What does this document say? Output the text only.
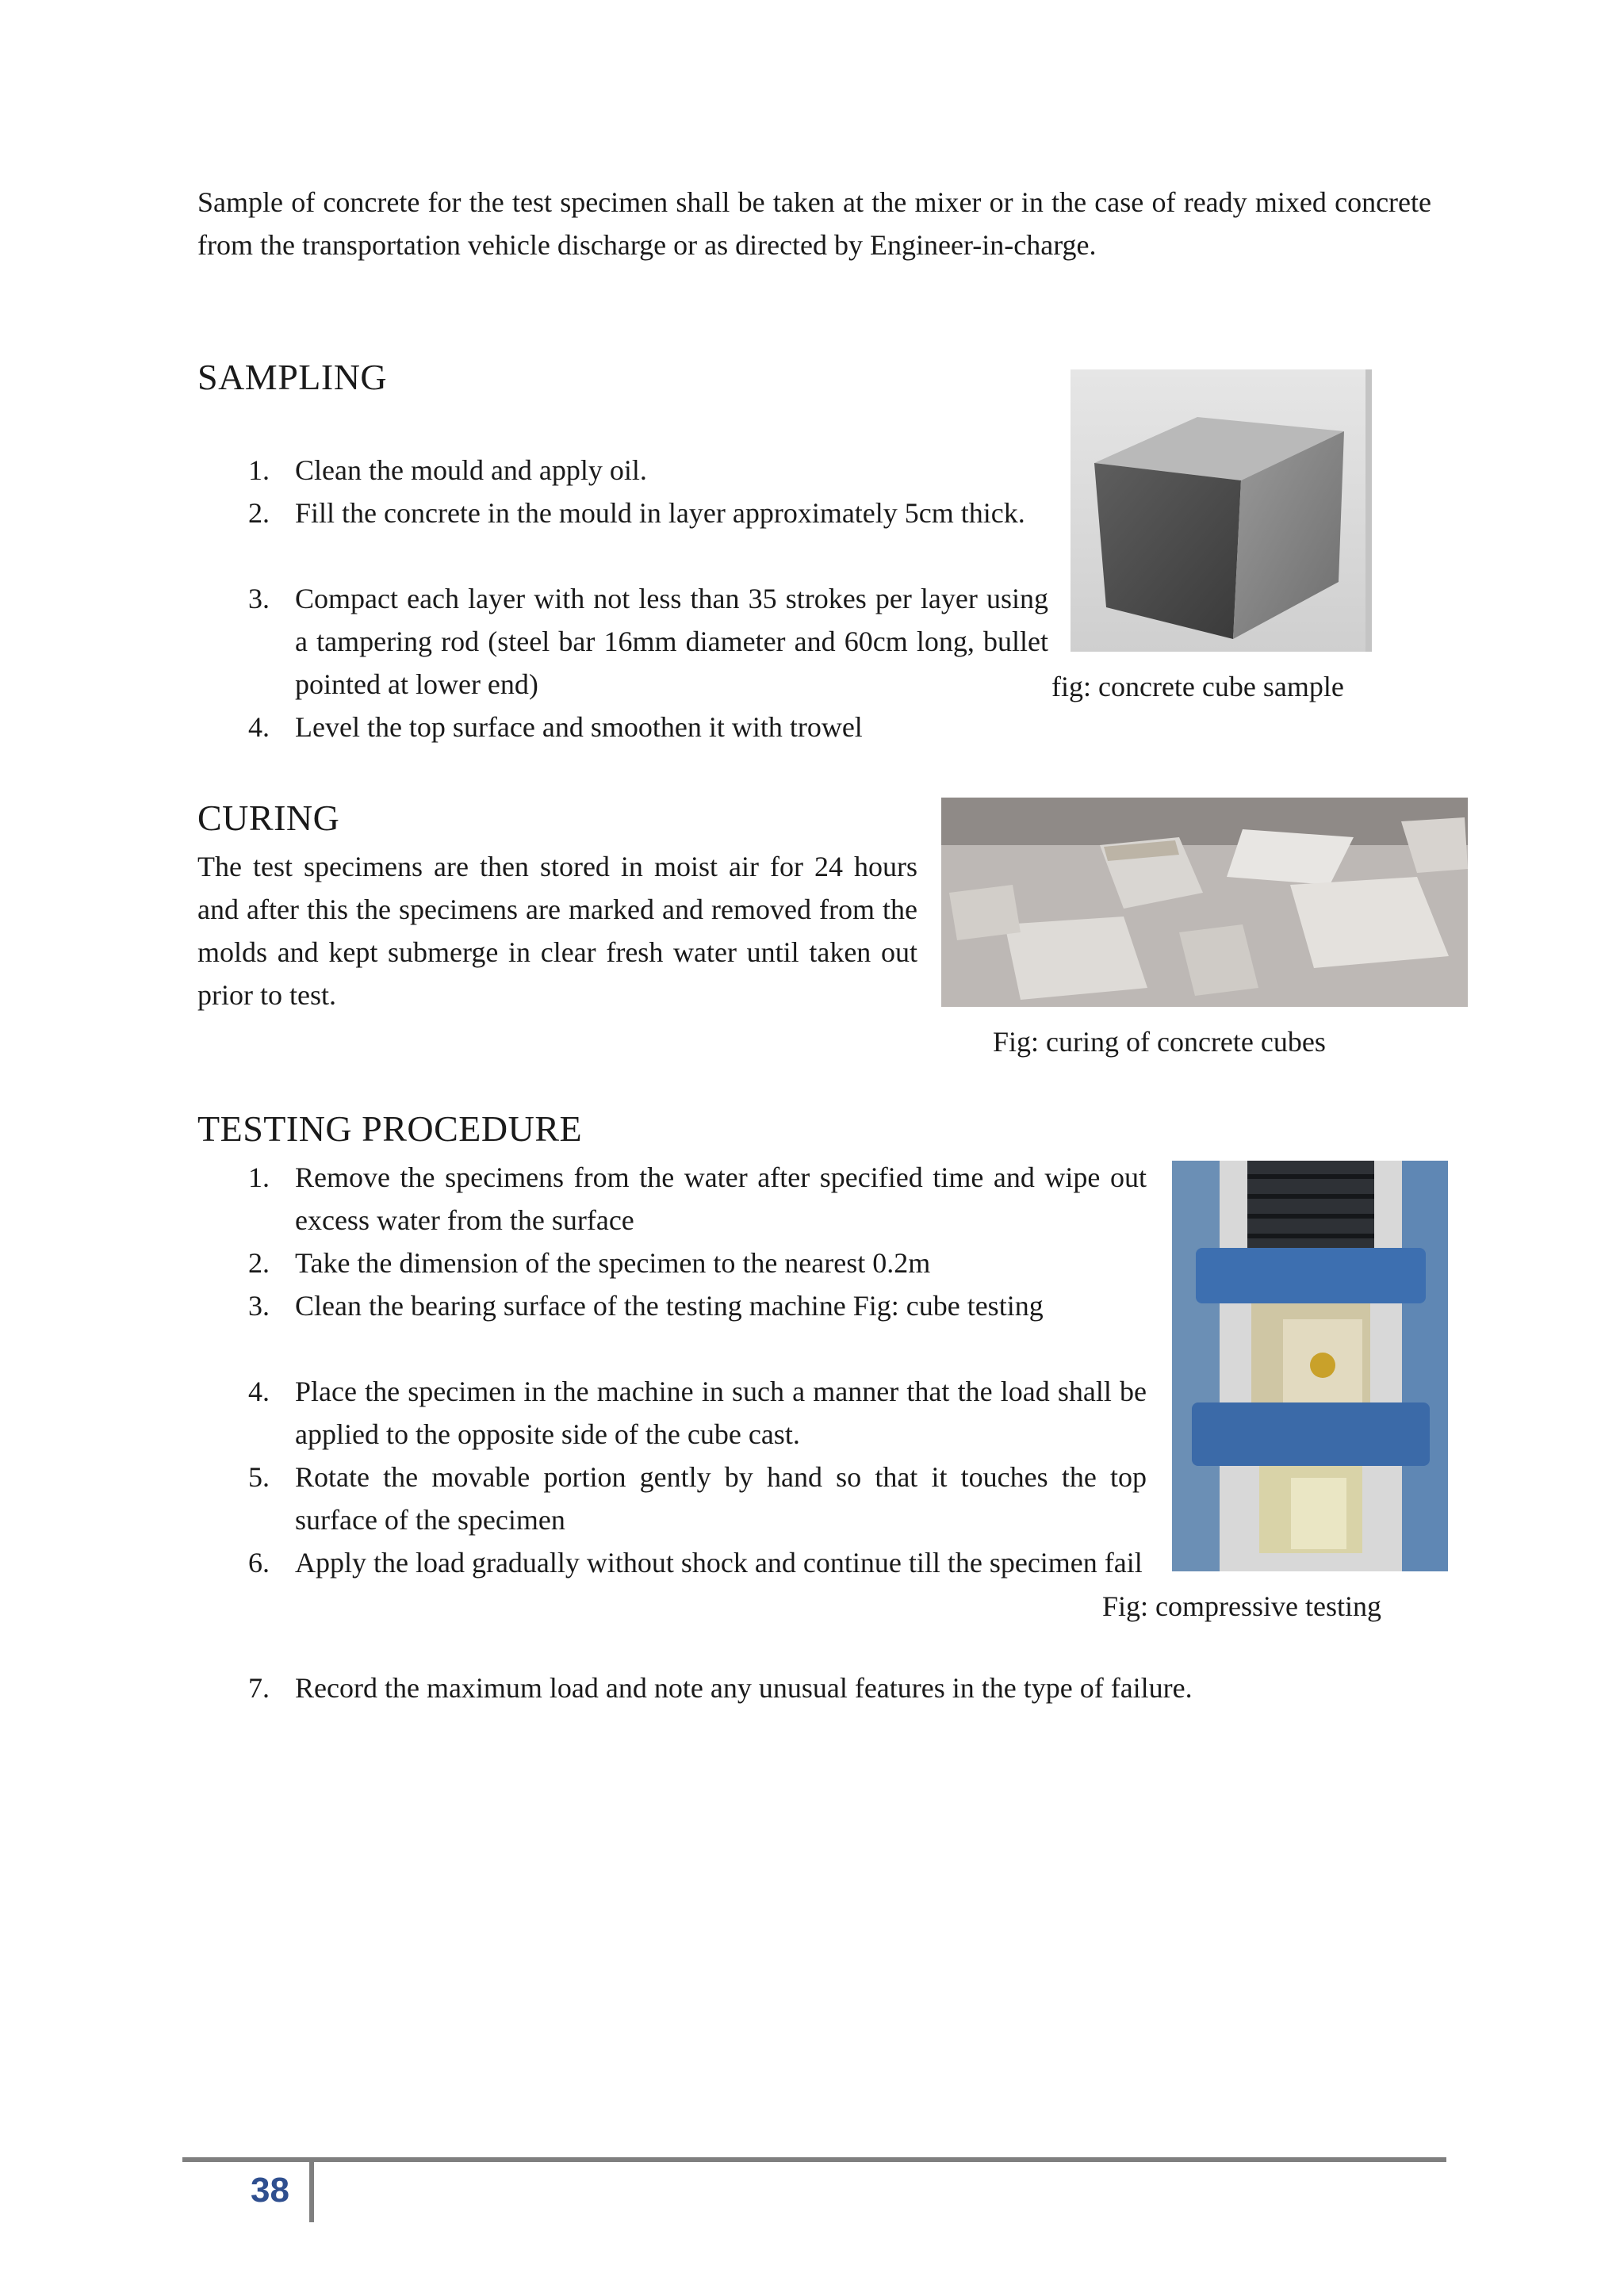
Sample of concrete for the test specimen shall be taken at the mixer or in the case of ready mixed concrete from the transportation vehicle discharge or as directed by Engineer-in-charge.
SAMPLING
1. Clean the mould and apply oil.
2. Fill the concrete in the mould in layer approximately 5cm thick.
3. Compact each layer with not less than 35 strokes per layer using a tampering rod (steel bar 16mm diameter and 60cm long, bullet pointed at lower end)
4. Level the top surface and smoothen it with trowel
fig: concrete cube sample
CURING
The test specimens are then stored in moist air for 24 hours and after this the specimens are marked and removed from the molds and kept submerge in clear fresh water until taken out prior to test.
Fig: curing of concrete cubes
TESTING PROCEDURE
1. Remove the specimens from the water after specified time and wipe out excess water from the surface
2. Take the dimension of the specimen to the nearest 0.2m
3. Clean the bearing surface of the testing machine Fig: cube testing
4. Place the specimen in the machine in such a manner that the load shall be applied to the opposite side of the cube cast.
5. Rotate the movable portion gently by hand so that it touches the top surface of the specimen
6. Apply the load gradually without shock and continue till the specimen fail
7. Record the maximum load and note any unusual features in the type of failure.
Fig: compressive testing
38
